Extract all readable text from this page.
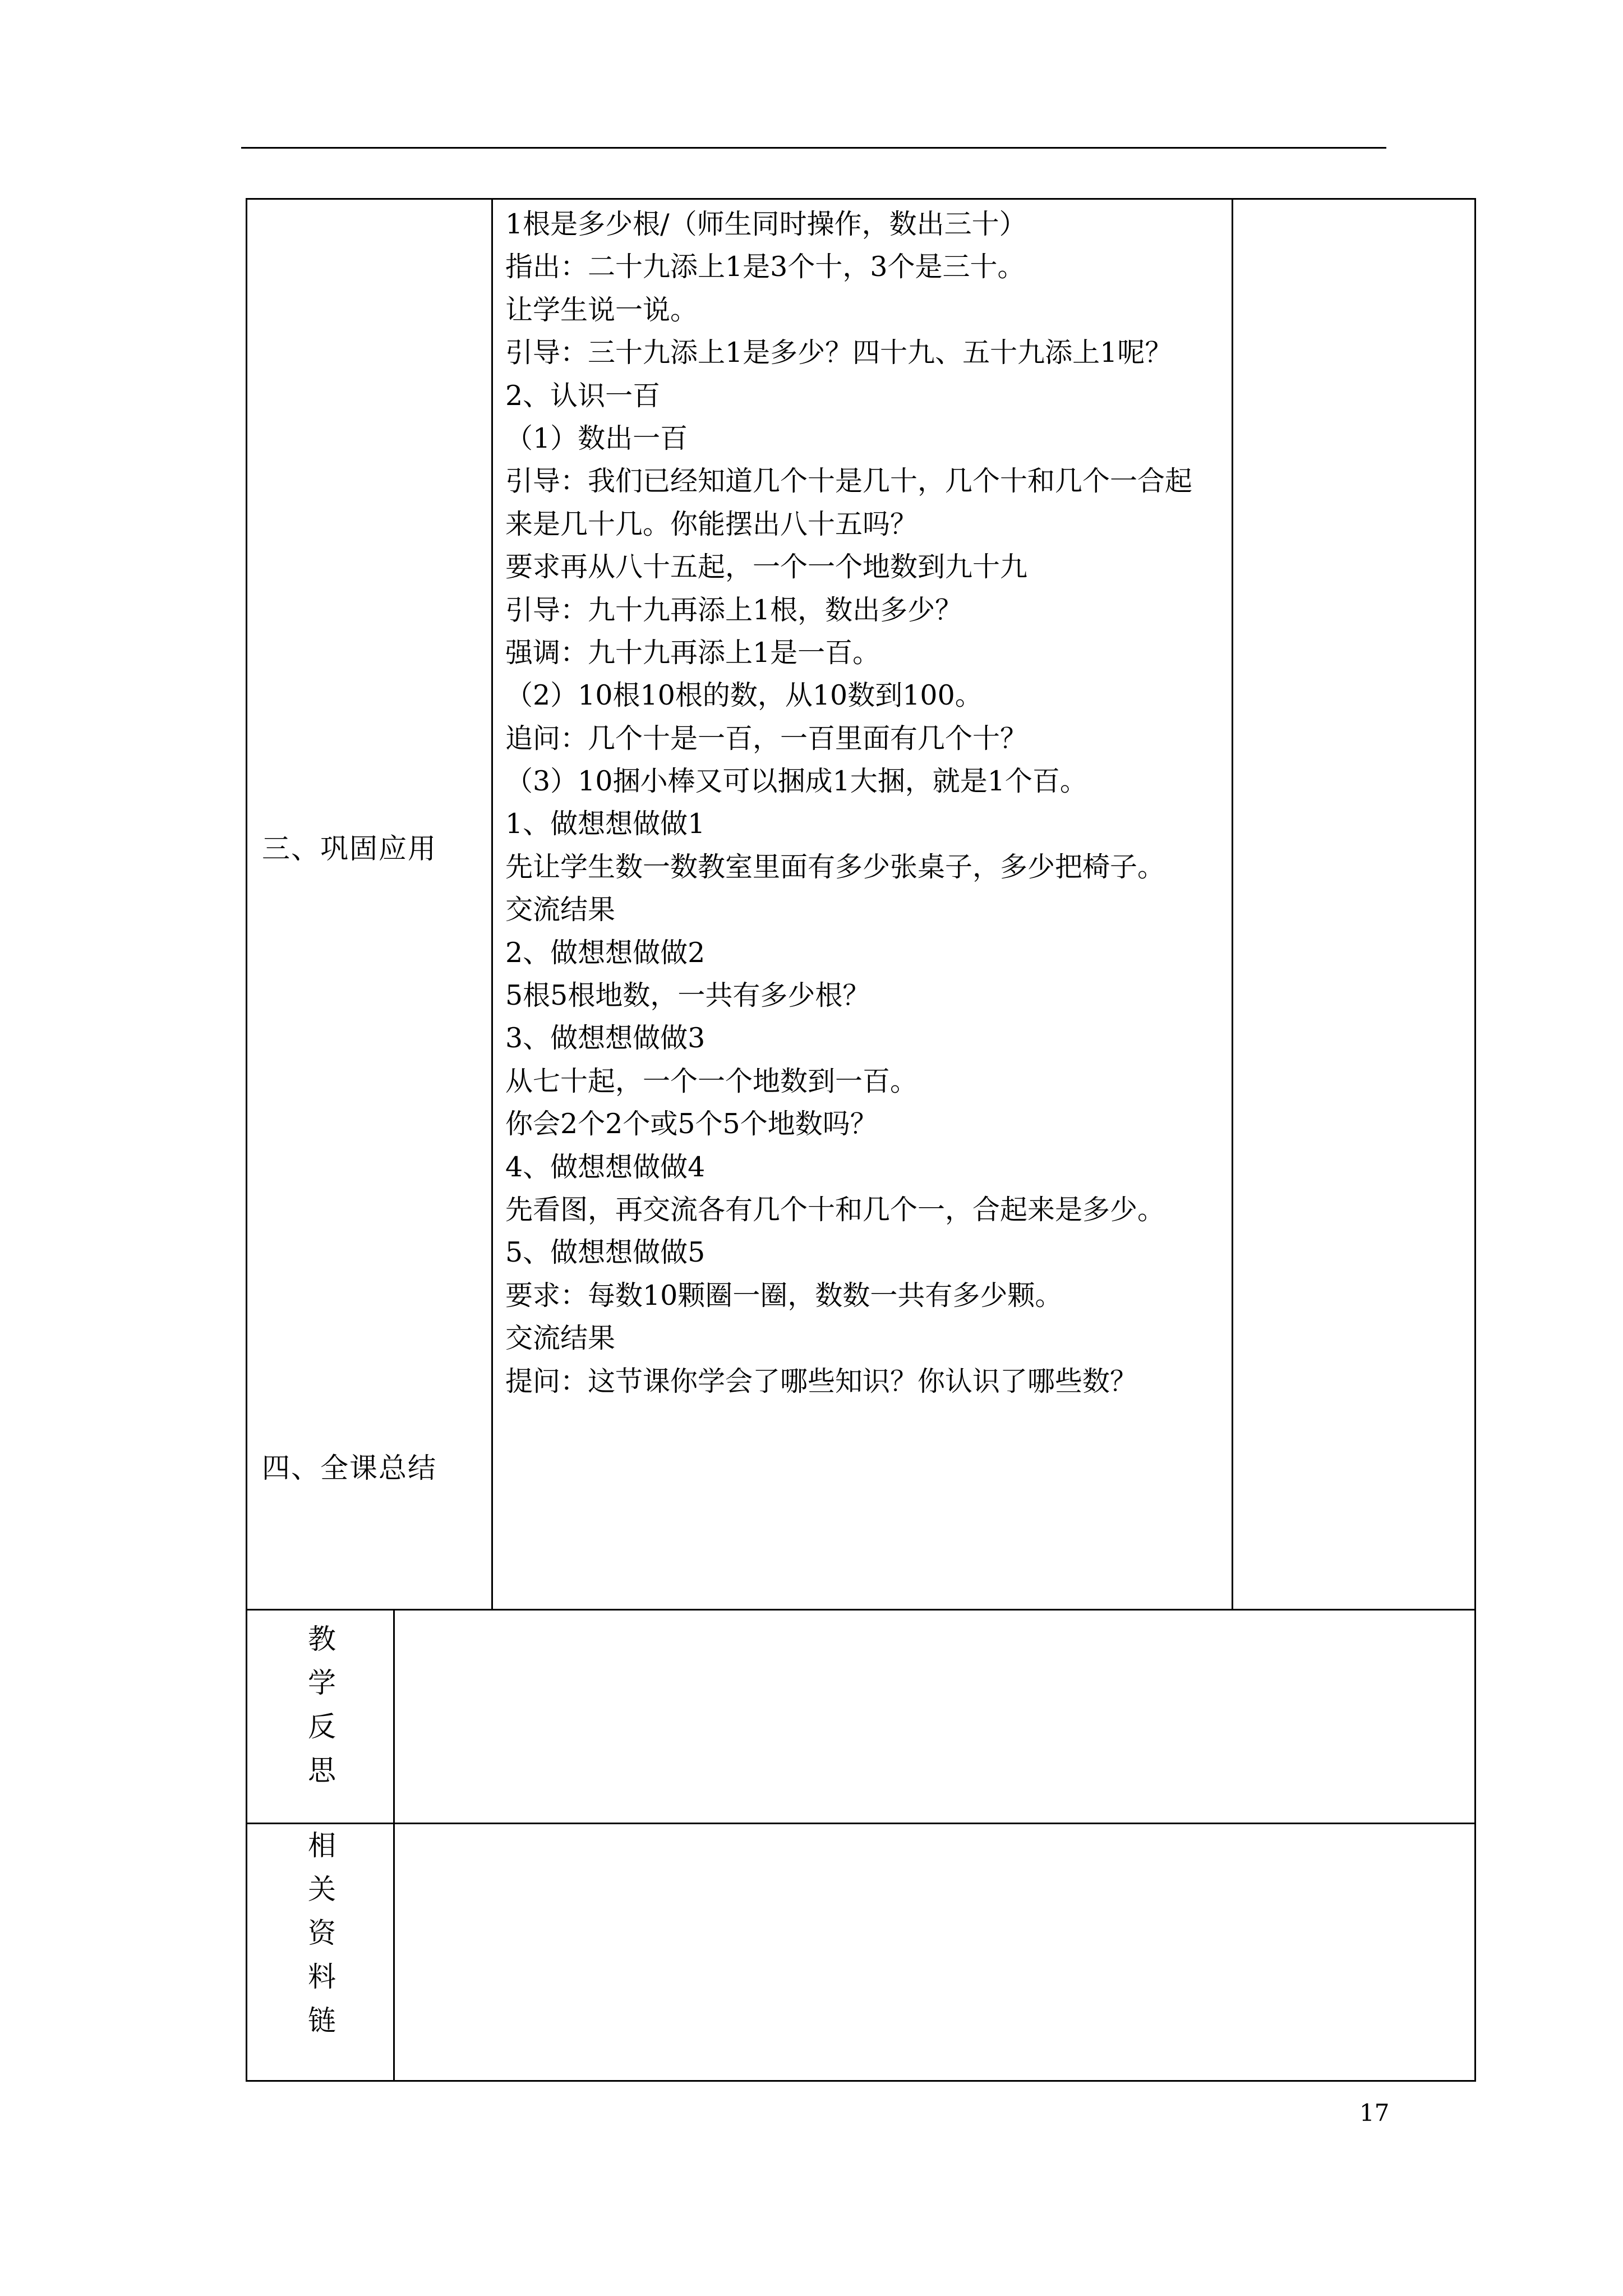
三、巩固应用
四、全课总结
1根是多少根/（师生同时操作，数出三十）
指出：二十九添上1是3个十，3个是三十。
让学生说一说。
引导：三十九添上1是多少？四十九、五十九添上1呢？
2、认识一百
（1）数出一百
引导：我们已经知道几个十是几十，几个十和几个一合起
来是几十几。你能摆出八十五吗？
要求再从八十五起，一个一个地数到九十九
引导：九十九再添上1根，数出多少？
强调：九十九再添上1是一百。
（2）10根10根的数，从10数到100。
追问：几个十是一百，一百里面有几个十？
（3）10捆小棒又可以捆成1大捆，就是1个百。
1、做想想做做1
先让学生数一数教室里面有多少张桌子，多少把椅子。
交流结果
2、做想想做做2
5根5根地数，一共有多少根？
3、做想想做做3
从七十起，一个一个地数到一百。
你会2个2个或5个5个地数吗？
4、做想想做做4
先看图，再交流各有几个十和几个一，合起来是多少。
5、做想想做做5
要求：每数10颗圈一圈，数数一共有多少颗。
交流结果
提问：这节课你学会了哪些知识？你认识了哪些数？
教
学
反
思
相
关
资
料
链
17
